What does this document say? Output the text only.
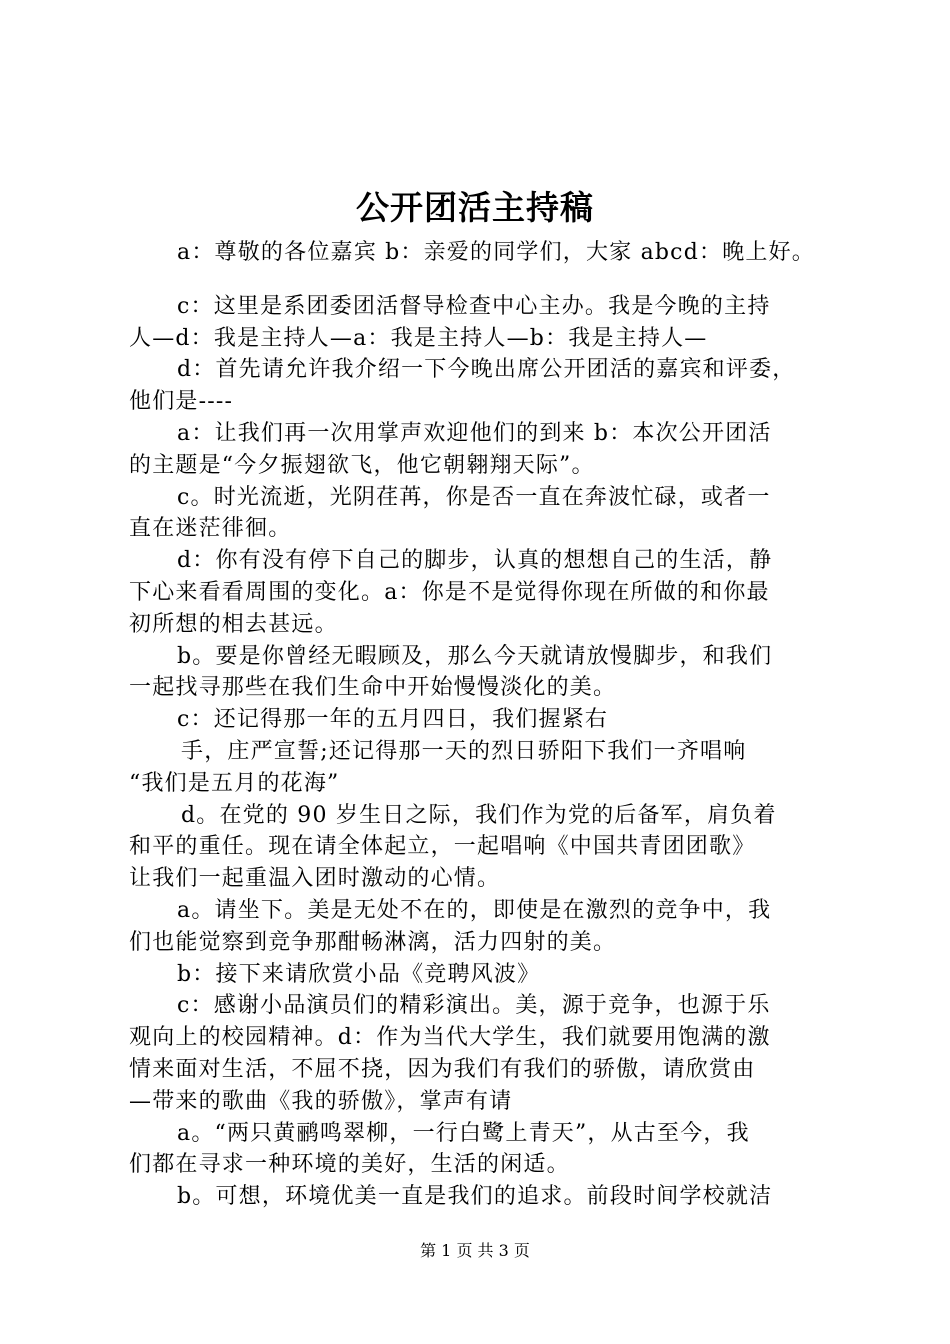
公开团活主持稿
a：尊敬的各位嘉宾 b：亲爱的同学们，大家 abcd：晚上好。
c：这里是系团委团活督导检查中心主办。我是今晚的主持
人—d：我是主持人—a：我是主持人—b：我是主持人—
d：首先请允许我介绍一下今晚出席公开团活的嘉宾和评委，
他们是----
a：让我们再一次用掌声欢迎他们的到来 b：本次公开团活
的主题是“今夕振翅欲飞，他它朝翱翔天际”。
c。时光流逝，光阴荏苒，你是否一直在奔波忙碌，或者一
直在迷茫徘徊。
d：你有没有停下自己的脚步，认真的想想自己的生活，静
下心来看看周围的变化。a：你是不是觉得你现在所做的和你最
初所想的相去甚远。
b。要是你曾经无暇顾及，那么今天就请放慢脚步，和我们
一起找寻那些在我们生命中开始慢慢淡化的美。
c：还记得那一年的五月四日，我们握紧右
手，庄严宣誓;还记得那一天的烈日骄阳下我们一齐唱响
“我们是五月的花海”
d。在党的 90 岁生日之际，我们作为党的后备军，肩负着
和平的重任。现在请全体起立，一起唱响《中国共青团团歌》
让我们一起重温入团时激动的心情。
a。请坐下。美是无处不在的，即使是在激烈的竞争中，我
们也能觉察到竞争那酣畅淋漓，活力四射的美。
b：接下来请欣赏小品《竞聘风波》
c：感谢小品演员们的精彩演出。美，源于竞争，也源于乐
观向上的校园精神。d：作为当代大学生，我们就要用饱满的激
情来面对生活，不屈不挠，因为我们有我们的骄傲，请欣赏由
—带来的歌曲《我的骄傲》，掌声有请
a。“两只黄鹂鸣翠柳，一行白鹭上青天”，从古至今，我
们都在寻求一种环境的美好，生活的闲适。
b。可想，环境优美一直是我们的追求。前段时间学校就洁
第 1 页 共 3 页
